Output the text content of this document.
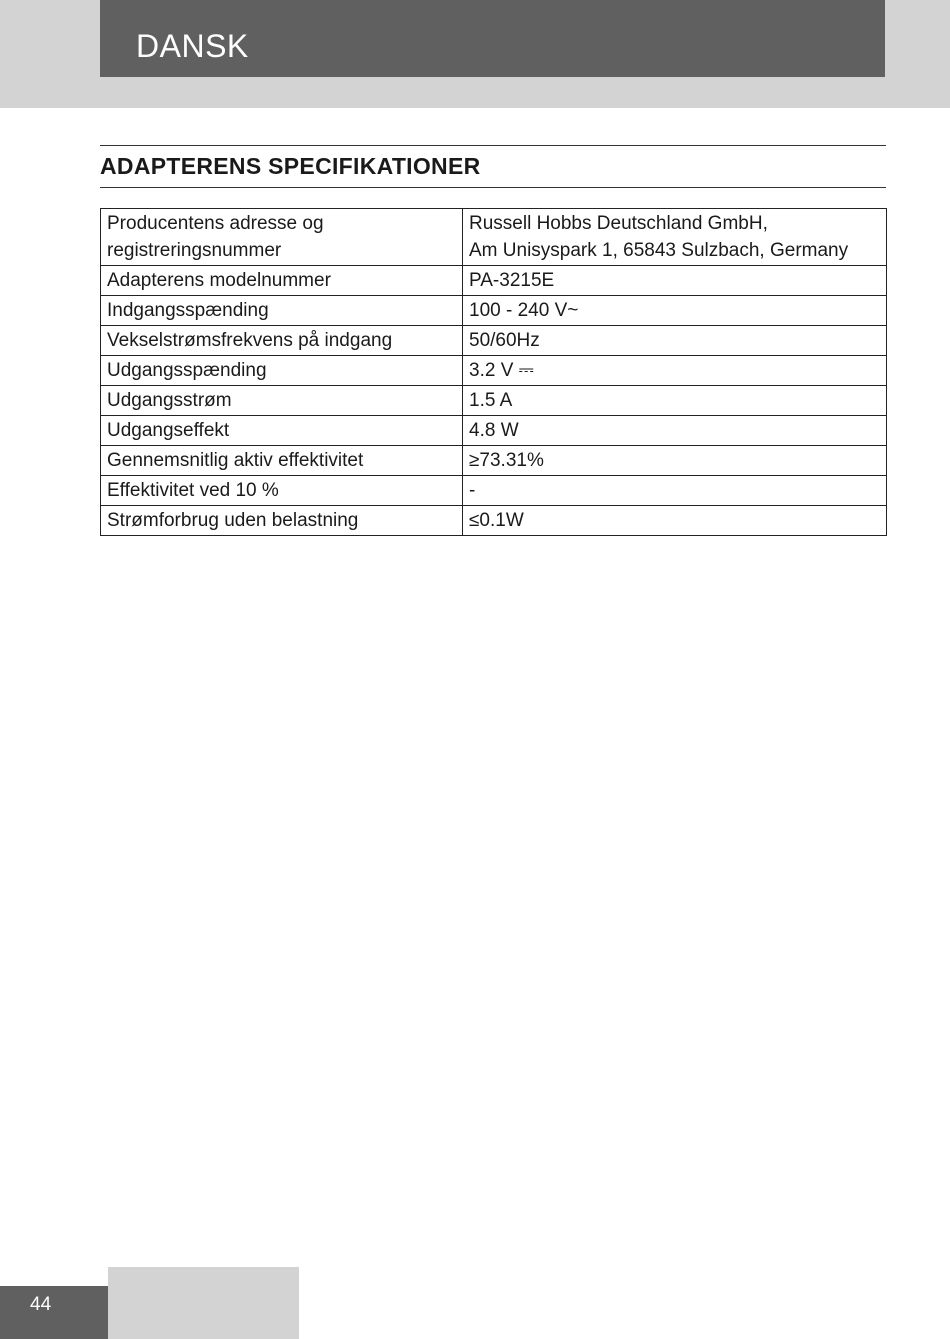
DANSK
ADAPTERENS SPECIFIKATIONER
Producentens adresse og registreringsnummer	Russell Hobbs Deutschland GmbH,
Am Unisyspark 1, 65843 Sulzbach, Germany

Adapterens modelnummer	PA-3215E
Indgangsspænding	100 - 240 V~
Vekselstrømsfrekvens på indgang	50/60Hz
Udgangsspænding	3.2 V ⎓
Udgangsstrøm	1.5 A
Udgangseffekt	4.8 W
Gennemsnitlig aktiv effektivitet	≥73.31%
Effektivitet ved 10 %	-
Strømforbrug uden belastning	≤0.1W
44
